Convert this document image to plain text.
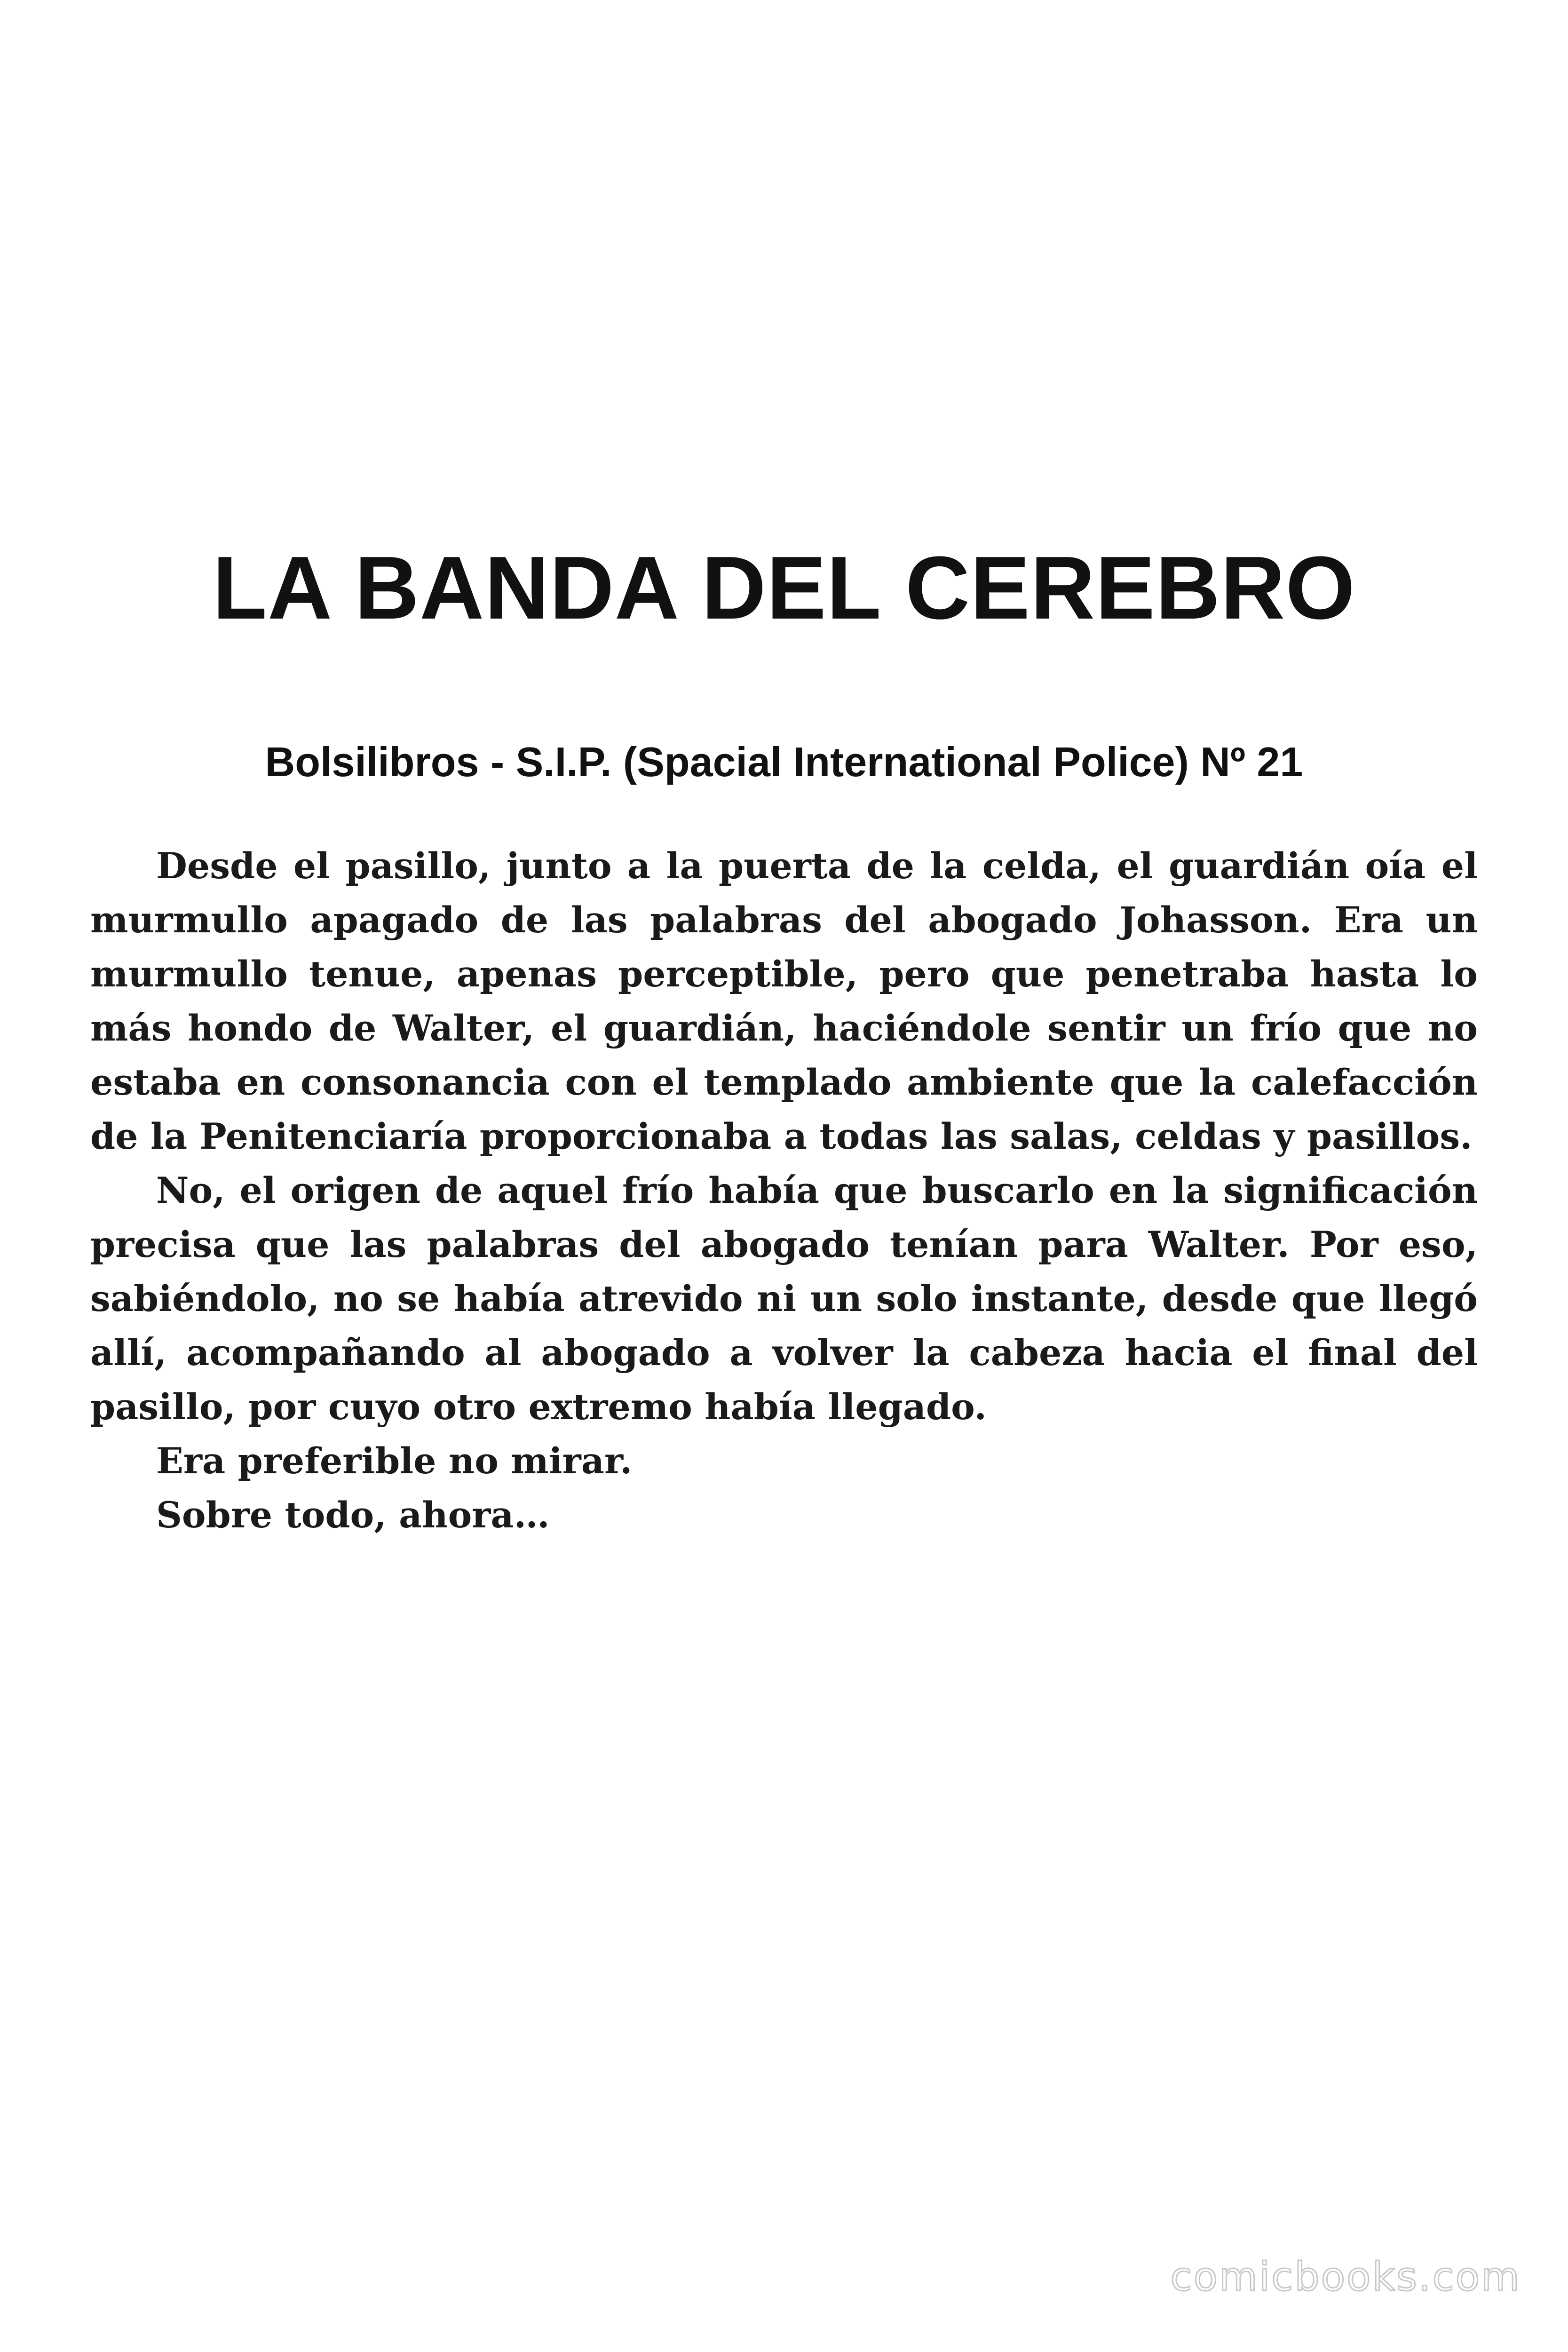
LA BANDA DEL CEREBRO
Bolsilibros - S.I.P. (Spacial International Police) Nº 21

Desde el pasillo, junto a la puerta de la celda, el guardián oía el murmullo apagado de las palabras del abogado Johasson. Era un murmullo tenue, apenas perceptible, pero que penetraba hasta lo más hondo de Walter, el guardián, haciéndole sentir un frío que no estaba en consonancia con el templado ambiente que la calefacción de la Penitenciaría proporcionaba a todas las salas, celdas y pasillos.

No, el origen de aquel frío había que buscarlo en la significación precisa que las palabras del abogado tenían para Walter. Por eso, sabiéndolo, no se había atrevido ni un solo instante, desde que llegó allí, acompañando al abogado a volver la cabeza hacia el final del pasillo, por cuyo otro extremo había llegado.

Era preferible no mirar.

Sobre todo, ahora…

comicbooks.com
